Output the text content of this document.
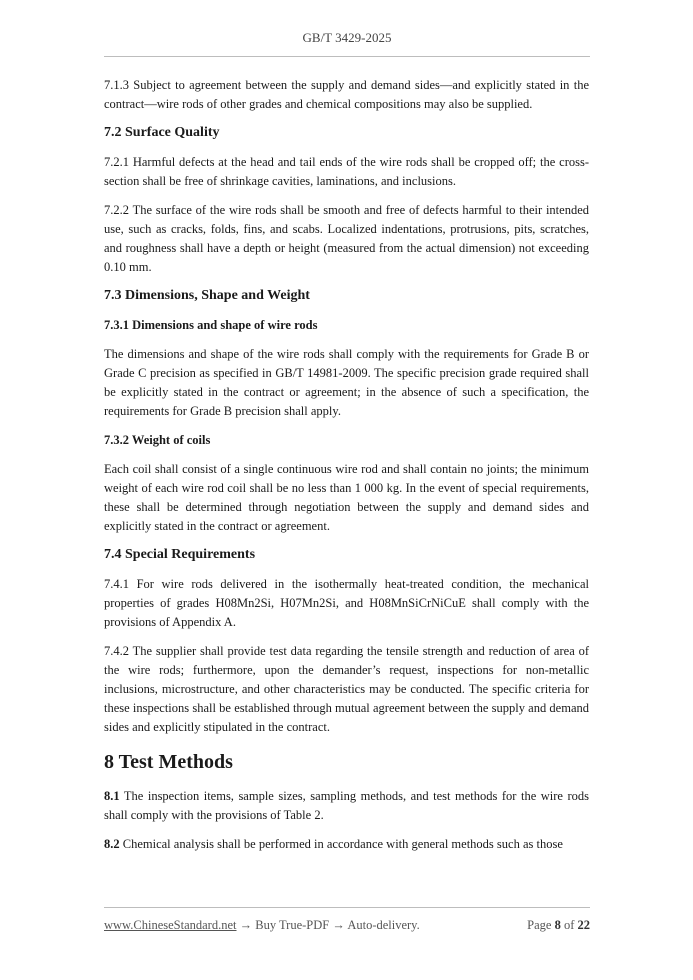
GB/T 3429-2025

7.1.3 Subject to agreement between the supply and demand sides—and explicitly stated in the contract—wire rods of other grades and chemical compositions may also be supplied.

7.2 Surface Quality

7.2.1 Harmful defects at the head and tail ends of the wire rods shall be cropped off; the cross-section shall be free of shrinkage cavities, laminations, and inclusions.

7.2.2 The surface of the wire rods shall be smooth and free of defects harmful to their intended use, such as cracks, folds, fins, and scabs. Localized indentations, protrusions, pits, scratches, and roughness shall have a depth or height (measured from the actual dimension) not exceeding 0.10 mm.

7.3 Dimensions, Shape and Weight
7.3.1 Dimensions and shape of wire rods

The dimensions and shape of the wire rods shall comply with the requirements for Grade B or Grade C precision as specified in GB/T 14981-2009. The specific precision grade required shall be explicitly stated in the contract or agreement; in the absence of such a specification, the requirements for Grade B precision shall apply.

7.3.2 Weight of coils

Each coil shall consist of a single continuous wire rod and shall contain no joints; the minimum weight of each wire rod coil shall be no less than 1 000 kg. In the event of special requirements, these shall be determined through negotiation between the supply and demand sides and explicitly stated in the contract or agreement.

7.4 Special Requirements

7.4.1 For wire rods delivered in the isothermally heat-treated condition, the mechanical properties of grades H08Mn2Si, H07Mn2Si, and H08MnSiCrNiCuE shall comply with the provisions of Appendix A.

7.4.2 The supplier shall provide test data regarding the tensile strength and reduction of area of the wire rods; furthermore, upon the demander’s request, inspections for non-metallic inclusions, microstructure, and other characteristics may be conducted. The specific criteria for these inspections shall be established through mutual agreement between the supply and demand sides and explicitly stipulated in the contract.

8 Test Methods

8.1 The inspection items, sample sizes, sampling methods, and test methods for the wire rods shall comply with the provisions of Table 2.

8.2 Chemical analysis shall be performed in accordance with general methods such as those

www.ChineseStandard.net → Buy True-PDF → Auto-delivery.	Page 8 of 22
